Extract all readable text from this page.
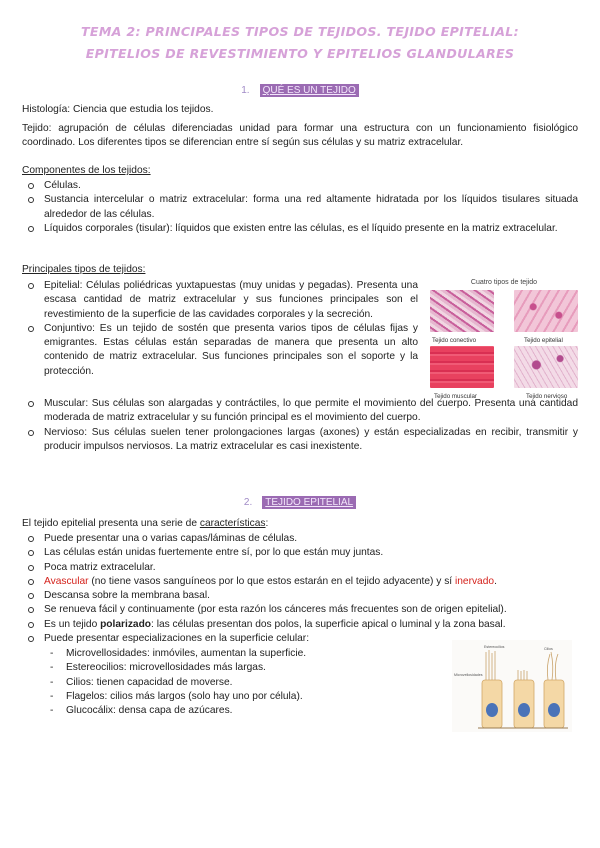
TEMA 2: PRINCIPALES TIPOS DE TEJIDOS. TEJIDO EPITELIAL:
EPITELIOS DE REVESTIMIENTO Y EPITELIOS GLANDULARES
1. QUÉ ES UN TEJIDO

Histología: Ciencia que estudia los tejidos.

Tejido: agrupación de células diferenciadas unidad para formar una estructura con un funcionamiento fisiológico coordinado. Los diferentes tipos se diferencian entre sí según sus células y su matriz extracelular.

Componentes de los tejidos:

Células.
Sustancia intercelular o matriz extracelular: forma una red altamente hidratada por los líquidos tisulares situada alrededor de las células.
Líquidos corporales (tisular): líquidos que existen entre las células, es el líquido presente en la matriz extracelular.

Principales tipos de tejidos:

Epitelial: Células poliédricas yuxtapuestas (muy unidas y pegadas). Presenta una escasa cantidad de matriz extracelular y sus funciones principales son el revestimiento de la superficie de las cavidades corporales y la secreción.
Conjuntivo: Es un tejido de sostén que presenta varios tipos de células fijas y emigrantes. Estas células están separadas de manera que presenta un alto contenido de matriz extracelular. Sus funciones principales son el soporte y la protección.
Muscular: Sus células son alargadas y contráctiles, lo que permite el movimiento del cuerpo. Presenta una cantidad moderada de matriz extracelular y su función principal es el movimiento del cuerpo.
Nervioso: Sus células suelen tener prolongaciones largas (axones) y están especializadas en recibir, transmitir y producir impulsos nerviosos. La matriz extracelular es casi inexistente.
Cuatro tipos de tejido
Tejido conectivo	Tejido epitelial
Tejido muscular	Tejido nervioso
2. TEJIDO EPITELIAL

El tejido epitelial presenta una serie de características:

Puede presentar una o varias capas/láminas de células.
Las células están unidas fuertemente entre sí, por lo que están muy juntas.
Poca matriz extracelular.
Avascular (no tiene vasos sanguíneos por lo que estos estarán en el tejido adyacente) y sí inervado.
Descansa sobre la membrana basal.
Se renueva fácil y continuamente (por esta razón los cánceres más frecuentes son de origen epitelial).
Es un tejido polarizado: las células presentan dos polos, la superficie apical o luminal y la zona basal.
Puede presentar especializaciones en la superficie celular:
- Microvellosidades: inmóviles, aumentan la superficie.
- Estereocilios: microvellosidades más largas.
- Cilios: tienen capacidad de moverse.
- Flagelos: cilios más largos (solo hay uno por célula).
- Glucocálix: densa capa de azúcares.
Estereocilios
Microvellosidades
Cilios
